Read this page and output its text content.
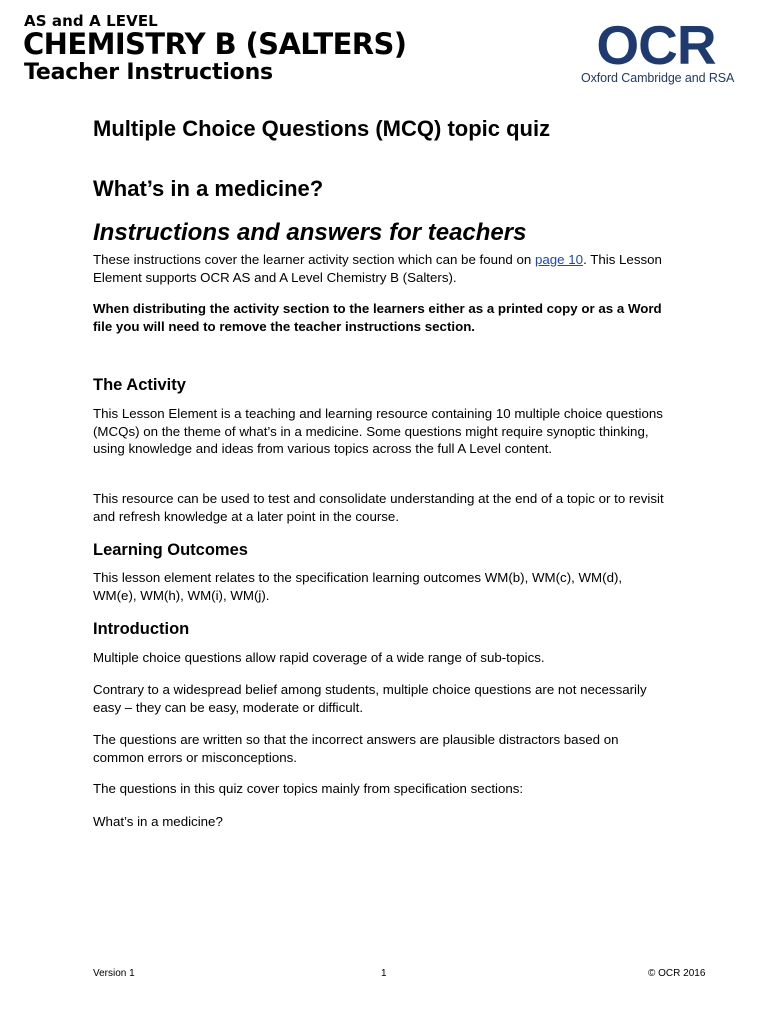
AS and A LEVEL
CHEMISTRY B (SALTERS)
Teacher Instructions	OCR
Oxford Cambridge and RSA
Multiple Choice Questions (MCQ) topic quiz
What’s in a medicine?
Instructions and answers for teachers

These instructions cover the learner activity section which can be found on page 10. This Lesson Element supports OCR AS and A Level Chemistry B (Salters).

When distributing the activity section to the learners either as a printed copy or as a Word file you will need to remove the teacher instructions section.

The Activity

This Lesson Element is a teaching and learning resource containing 10 multiple choice questions (MCQs) on the theme of what’s in a medicine. Some questions might require synoptic thinking, using knowledge and ideas from various topics across the full A Level content.

This resource can be used to test and consolidate understanding at the end of a topic or to revisit and refresh knowledge at a later point in the course.

Learning Outcomes

This lesson element relates to the specification learning outcomes WM(b), WM(c), WM(d), WM(e), WM(h), WM(i), WM(j).

Introduction

Multiple choice questions allow rapid coverage of a wide range of sub-topics.

Contrary to a widespread belief among students, multiple choice questions are not necessarily easy – they can be easy, moderate or difficult.

The questions are written so that the incorrect answers are plausible distractors based on common errors or misconceptions.

The questions in this quiz cover topics mainly from specification sections:

What’s in a medicine?

Version 1	1	© OCR 2016
